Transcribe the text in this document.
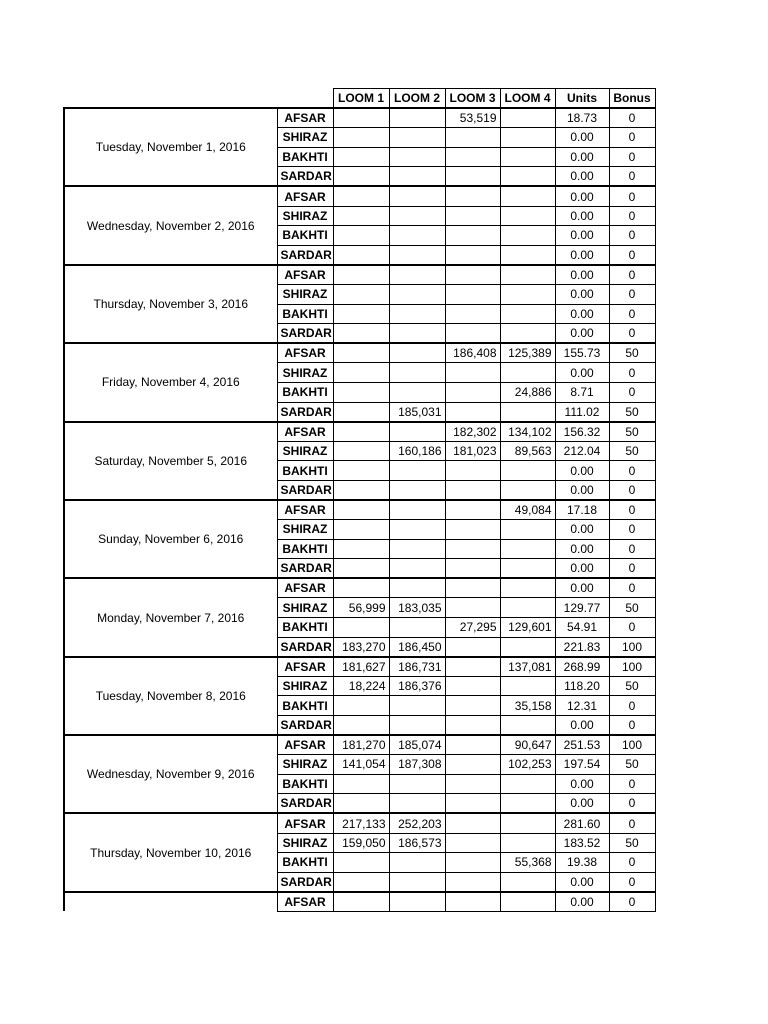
		LOOM 1	LOOM 2	LOOM 3	LOOM 4	Units	Bonus
Tuesday, November 1, 2016	AFSAR			53,519		18.73	0
	SHIRAZ					0.00	0
	BAKHTI					0.00	0
	SARDAR					0.00	0
Wednesday, November 2, 2016	AFSAR					0.00	0
	SHIRAZ					0.00	0
	BAKHTI					0.00	0
	SARDAR					0.00	0
Thursday, November 3, 2016	AFSAR					0.00	0
	SHIRAZ					0.00	0
	BAKHTI					0.00	0
	SARDAR					0.00	0
Friday, November 4, 2016	AFSAR			186,408	125,389	155.73	50
	SHIRAZ					0.00	0
	BAKHTI				24,886	8.71	0
	SARDAR		185,031			111.02	50
Saturday, November 5, 2016	AFSAR			182,302	134,102	156.32	50
	SHIRAZ		160,186	181,023	89,563	212.04	50
	BAKHTI					0.00	0
	SARDAR					0.00	0
Sunday, November 6, 2016	AFSAR				49,084	17.18	0
	SHIRAZ					0.00	0
	BAKHTI					0.00	0
	SARDAR					0.00	0
Monday, November 7, 2016	AFSAR					0.00	0
	SHIRAZ	56,999	183,035			129.77	50
	BAKHTI			27,295	129,601	54.91	0
	SARDAR	183,270	186,450			221.83	100
Tuesday, November 8, 2016	AFSAR	181,627	186,731		137,081	268.99	100
	SHIRAZ	18,224	186,376			118.20	50
	BAKHTI				35,158	12.31	0
	SARDAR					0.00	0
Wednesday, November 9, 2016	AFSAR	181,270	185,074		90,647	251.53	100
	SHIRAZ	141,054	187,308		102,253	197.54	50
	BAKHTI					0.00	0
	SARDAR					0.00	0
Thursday, November 10, 2016	AFSAR	217,133	252,203			281.60	0
	SHIRAZ	159,050	186,573			183.52	50
	BAKHTI				55,368	19.38	0
	SARDAR					0.00	0
	AFSAR					0.00	0
